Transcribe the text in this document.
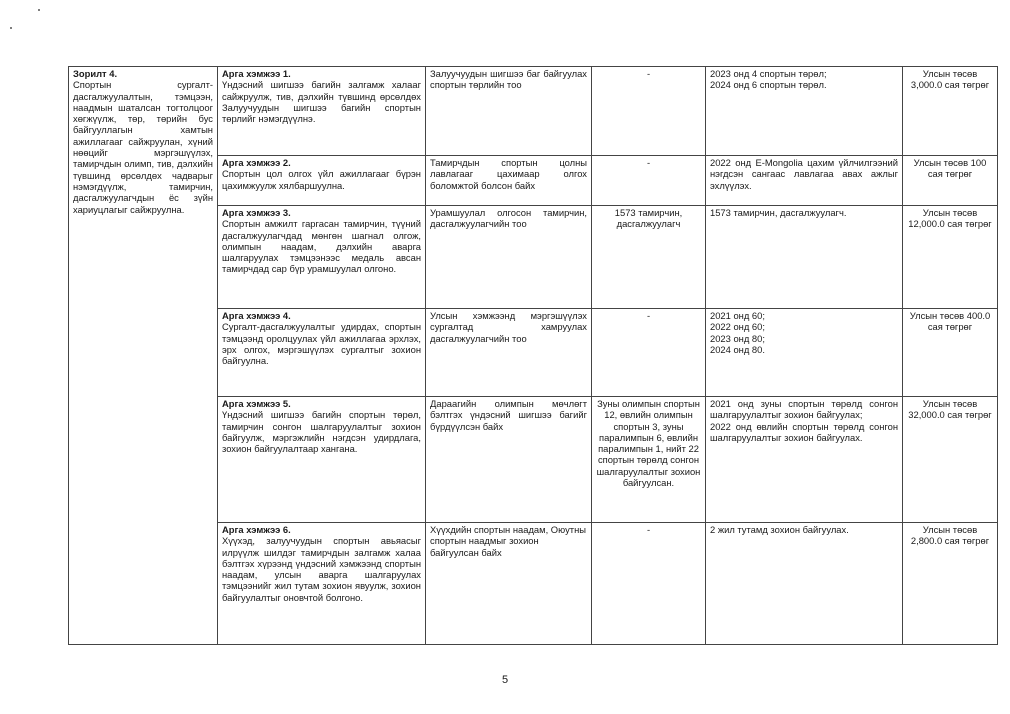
Зорилт 4.
Спортын сургалт-дасгалжуулалтын, тэмцээн, наадмын шаталсан тогтолцоог хөгжүүлж, төр, төрийн бус байгууллагын хамтын ажиллагааг сайжруулан, хүний нөөцийг мэргэшүүлэх, тамирчдын олимп, тив, дэлхийн түвшинд өрсөлдөх чадварыг нэмэгдүүлж, тамирчин, дасгалжуулагчдын ёс зүйн хариуцлагыг сайжруулна.	Арга хэмжээ 1.
Үндэсний шигшээ багийн залгамж халааг сайжруулж, тив, дэлхийн түвшинд өрсөлдөх Залуучуудын шигшээ багийн спортын төрлийг нэмэгдүүлнэ.	Залуучуудын шигшээ баг байгуулах спортын төрлийн тоо	-	2023 онд 4 спортын төрөл;
2024 онд 6 спортын төрөл.	Улсын төсөв 3,000.0 сая төгрөг

	Арга хэмжээ 2.
Спортын цол олгох үйл ажиллагааг бүрэн цахимжуулж хялбаршуулна.	Тамирчдын спортын цолны лавлагааг цахимаар олгох боломжтой болсон байх	-	2022 онд E-Mongolia цахим үйлчилгээний нэгдсэн сангаас лавлагаа авах ажлыг эхлүүлэх.	Улсын төсөв 100 сая төгрөг

	Арга хэмжээ 3.
Спортын амжилт гаргасан тамирчин, түүний дасгалжуулагчдад мөнгөн шагнал олгож, олимпын наадам, дэлхийн аварга шалгаруулах тэмцээнээс медаль авсан тамирчдад сар бүр урамшуулал олгоно.	Урамшуулал олгосон тамирчин, дасгалжуулагчийн тоо	1573 тамирчин, дасгалжуулагч	1573 тамирчин, дасгалжуулагч.	Улсын төсөв 12,000.0 сая төгрөг

	Арга хэмжээ 4.
Сургалт-дасгалжуулалтыг удирдах, спортын тэмцээнд оролцуулах үйл ажиллагаа эрхлэх, эрх олгох, мэргэшүүлэх сургалтыг зохион байгуулна.	Улсын хэмжээнд мэргэшүүлэх сургалтад хамруулах дасгалжуулагчийн тоо	-	2021 онд 60;
2022 онд 60;
2023 онд 80;
2024 онд 80.	Улсын төсөв 400.0 сая төгрөг

	Арга хэмжээ 5.
Үндэсний шигшээ багийн спортын төрөл, тамирчин сонгон шалгаруулалтыг зохион байгуулж, мэргэжлийн нэгдсэн удирдлага, зохион байгуулалтаар хангана.	Дараагийн олимпын мөчлөгт бэлтгэх үндэсний шигшээ багийг бүрдүүлсэн байх	Зуны олимпын спортын 12, өвлийн олимпын спортын 3, зуны паралимпын 6, өвлийн паралимпын 1, нийт 22 спортын төрөлд сонгон шалгаруулалтыг зохион байгуулсан.	2021 онд зуны спортын төрөлд сонгон шалгаруулалтыг зохион байгуулах;
2022 онд өвлийн спортын төрөлд сонгон шалгаруулалтыг зохион байгуулах.	Улсын төсөв 32,000.0 сая төгрөг

	Арга хэмжээ 6.
Хүүхэд, залуучуудын спортын авьяасыг илрүүлж шилдэг тамирчдын залгамж халаа бэлтгэх хүрээнд үндэсний хэмжээнд спортын наадам, улсын аварга шалгаруулах тэмцээнийг жил тутам зохион явуулж, зохион байгуулалтыг оновчтой болгоно.	Хүүхдийн спортын наадам, Оюутны спортын наадмыг зохион байгуулсан байх	-	2 жил тутамд зохион байгуулах.	Улсын төсөв 2,800.0 сая төгрөг
5
